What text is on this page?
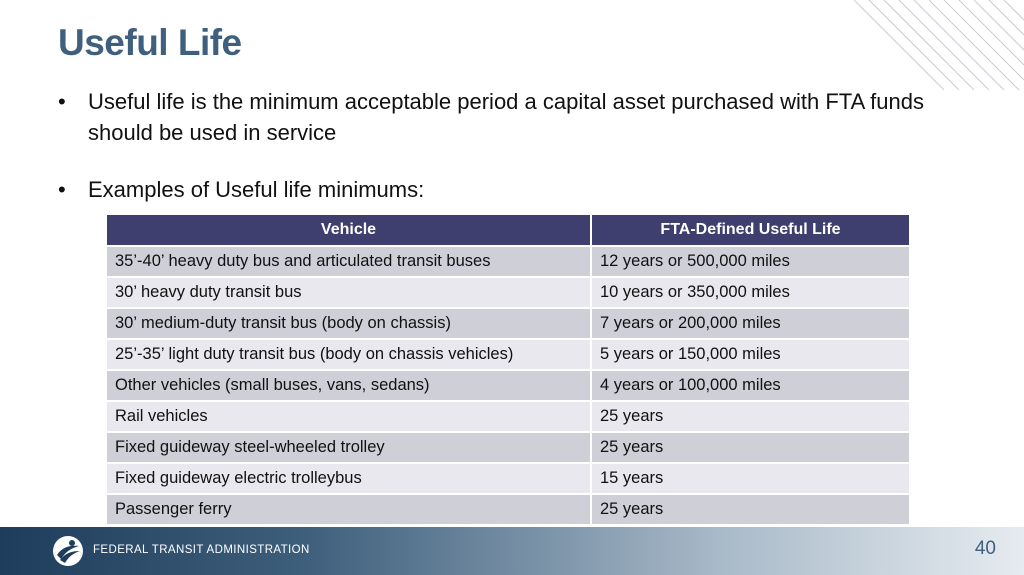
Useful Life
• Useful life is the minimum acceptable period a capital asset purchased with FTA funds should be used in service
• Examples of Useful life minimums:
Vehicle	FTA-Defined Useful Life
35’-40’ heavy duty bus and articulated transit buses	12 years or 500,000 miles
30’ heavy duty transit bus	10 years or 350,000 miles
30’ medium-duty transit bus (body on chassis)	7 years or 200,000 miles
25’-35’ light duty transit bus (body on chassis vehicles)	5 years or 150,000 miles
Other vehicles (small buses, vans, sedans)	4 years or 100,000 miles
Rail vehicles	25 years
Fixed guideway steel-wheeled trolley	25 years
Fixed guideway electric trolleybus	15 years
Passenger ferry	25 years
FEDERAL TRANSIT ADMINISTRATION	40
